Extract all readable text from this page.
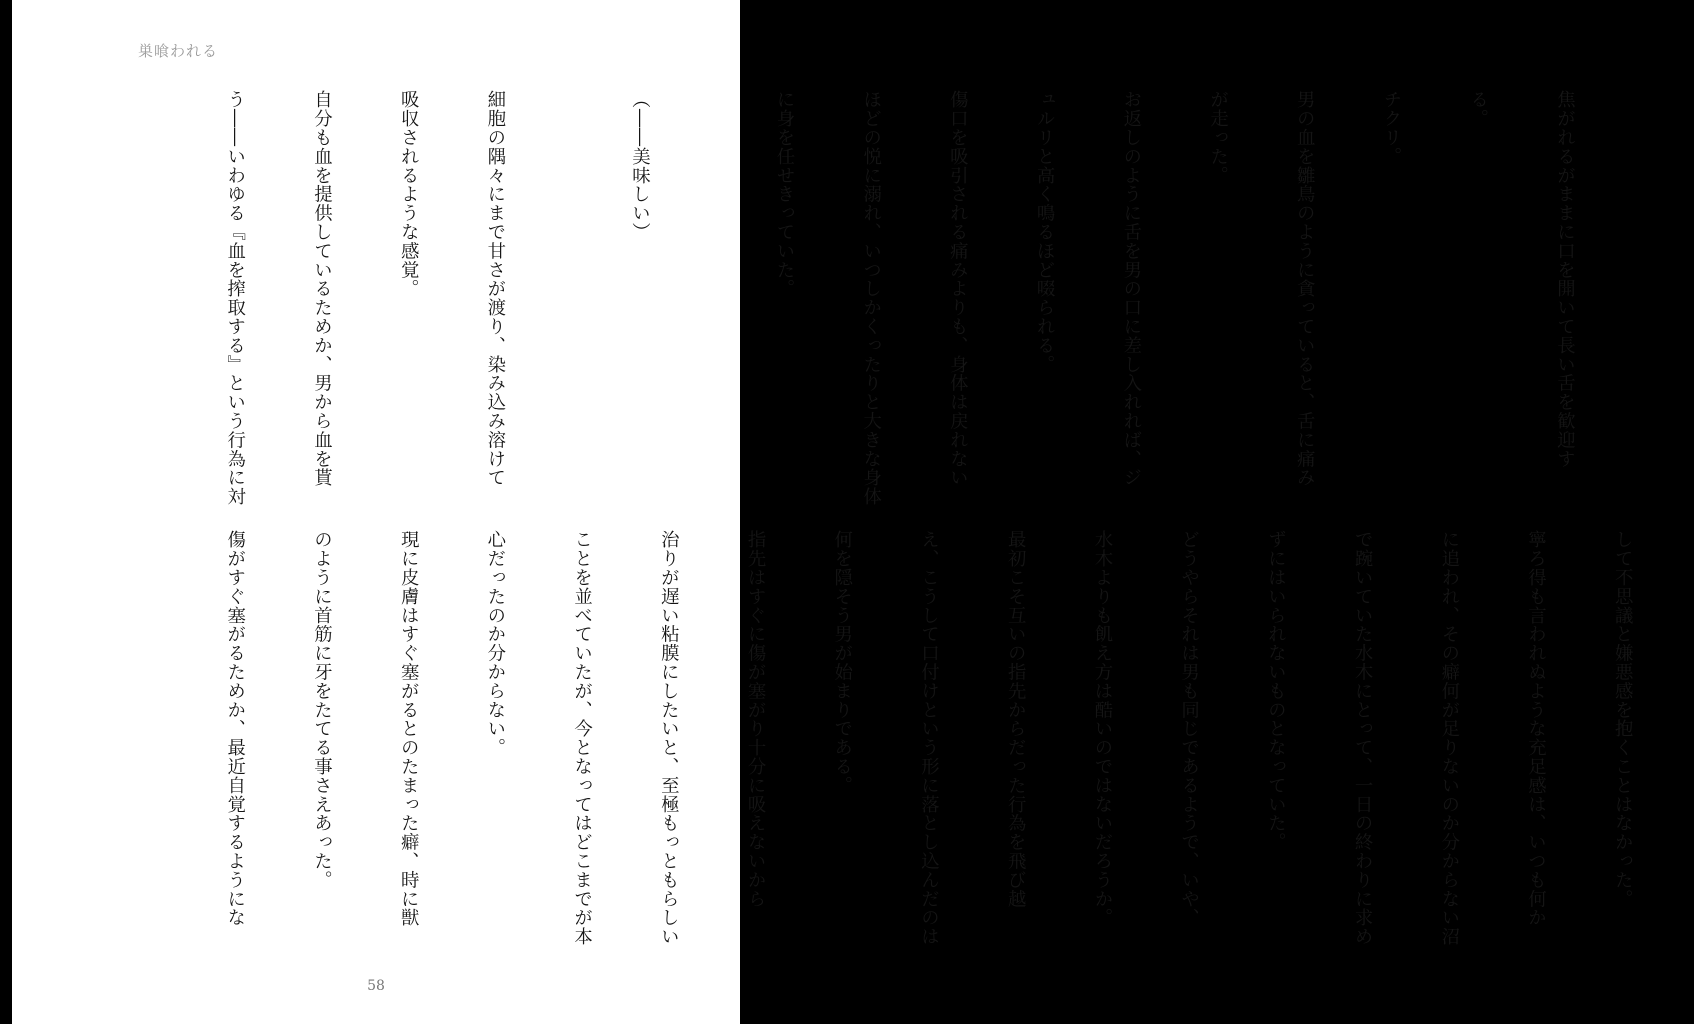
巣喰われる

焦がれるがままに口を開いて長い舌を歓迎す

る。

チクリ。

男の血を雛鳥のように貪っていると、舌に痛み

が走った。

お返しのように舌を男の口に差し入れれば、ジ

ュルリと高く鳴るほど啜られる。

傷口を吸引される痛みよりも、身体は戻れない

ほどの悦に溺れ、いつしかくったりと大きな身体

に身を任せきっていた。

（――美味しい）

細胞の隅々にまで甘さが渡り、染み込み溶けて

吸収されるような感覚。

自分も血を提供しているためか、男から血を貰

う――いわゆる『血を搾取する』という行為に対

して不思議と嫌悪感を抱くことはなかった。

寧ろ得も言われぬような充足感は、いつも何か

に追われ、その癖何が足りないのか分からない沼

で踠いていた水木にとって、一日の終わりに求め

ずにはいられないものとなっていた。

どうやらそれは男も同じであるようで、いや、

水木よりも飢え方は酷いのではないだろうか。

最初こそ互いの指先からだった行為を飛び越

え、こうして口付けという形に落とし込んだのは

何を隠そう男が始まりである。

指先はすぐに傷が塞がり十分に吸えないから

治りが遅い粘膜にしたいと、至極もっともらしい

ことを並べていたが、今となってはどこまでが本

心だったのか分からない。

現に皮膚はすぐ塞がるとのたまった癖、時に獣

のように首筋に牙をたてる事さえあった。

傷がすぐ塞がるためか、最近自覚するようにな

58
